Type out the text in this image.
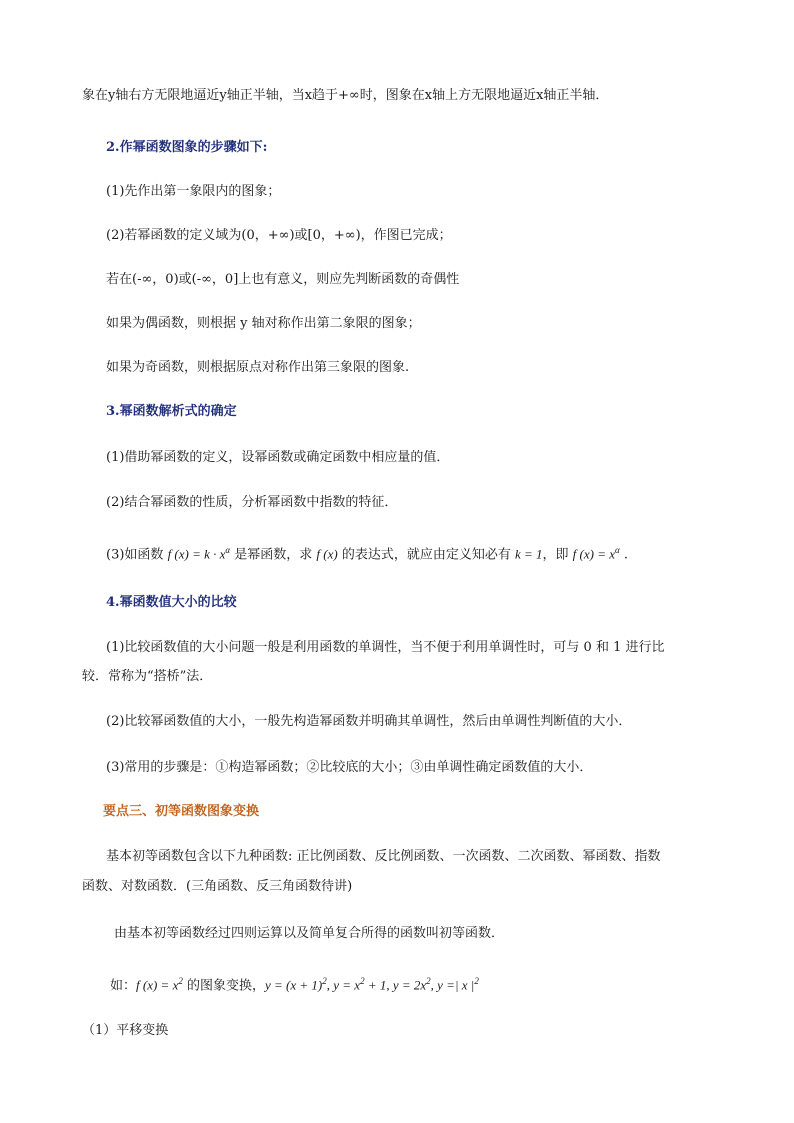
象在y轴右方无限地逼近y轴正半轴，当x趋于+∞时，图象在x轴上方无限地逼近x轴正半轴．
2.作幂函数图象的步骤如下:
(1)先作出第一象限内的图象；
(2)若幂函数的定义域为(0，+∞)或[0，+∞)，作图已完成；
若在(-∞，0)或(-∞，0]上也有意义，则应先判断函数的奇偶性
如果为偶函数，则根据 y 轴对称作出第二象限的图象；
如果为奇函数，则根据原点对称作出第三象限的图象.
3.幂函数解析式的确定
(1)借助幂函数的定义，设幂函数或确定函数中相应量的值．
(2)结合幂函数的性质，分析幂函数中指数的特征．
(3)如函数 f $(x) = k \cdot x^\alpha$ 是幂函数，求 f (x) 的表达式，就应由定义知必有 k = 1，即 f $(x) = x^\alpha$ .
4.幂函数值大小的比较
(1)比较函数值的大小问题一般是利用函数的单调性，当不便于利用单调性时，可与 0 和 1 进行比
较．常称为“搭桥”法．
(2)比较幂函数值的大小，一般先构造幂函数并明确其单调性，然后由单调性判断值的大小．
(3)常用的步骤是：①构造幂函数；②比较底的大小；③由单调性确定函数值的大小．
要点三、初等函数图象变换
基本初等函数包含以下九种函数: 正比例函数、反比例函数、一次函数、二次函数、幂函数、指数
函数、对数函数．(三角函数、反三角函数待讲)
由基本初等函数经过四则运算以及简单复合所得的函数叫初等函数．
如：f $(x) = x^2$ 的图象变换，$y = (x + 1)^2$, $y = x^2 + 1$, $y = 2x^2$, y =| x $|^2$
（1）平移变换
